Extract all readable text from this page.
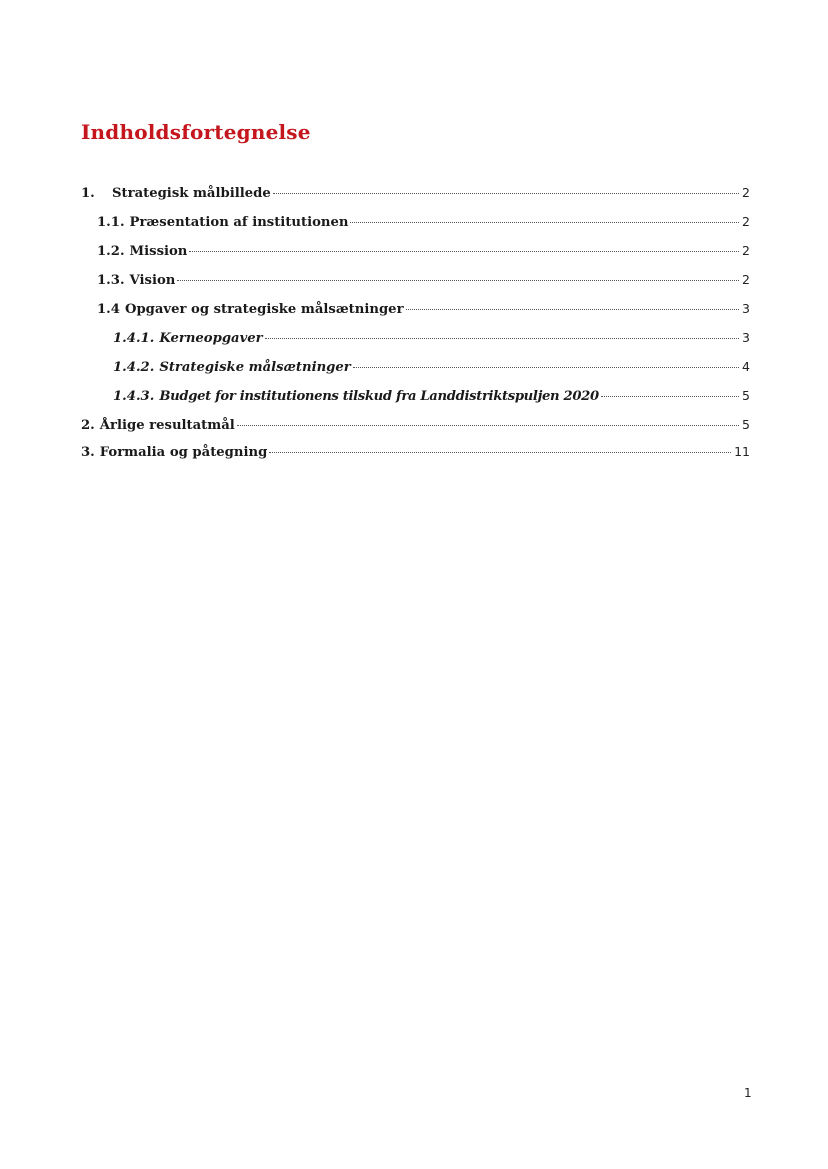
Indholdsfortegnelse
1.	Strategisk målbillede	2
1.1. Præsentation af institutionen	2
1.2. Mission	2
1.3. Vision	2
1.4 Opgaver og strategiske målsætninger	3
1.4.1. Kerneopgaver	3
1.4.2. Strategiske målsætninger	4
1.4.3. Budget for institutionens tilskud fra Landdistriktspuljen 2020	5
2. Årlige resultatmål	5
3. Formalia og påtegning	11
1
